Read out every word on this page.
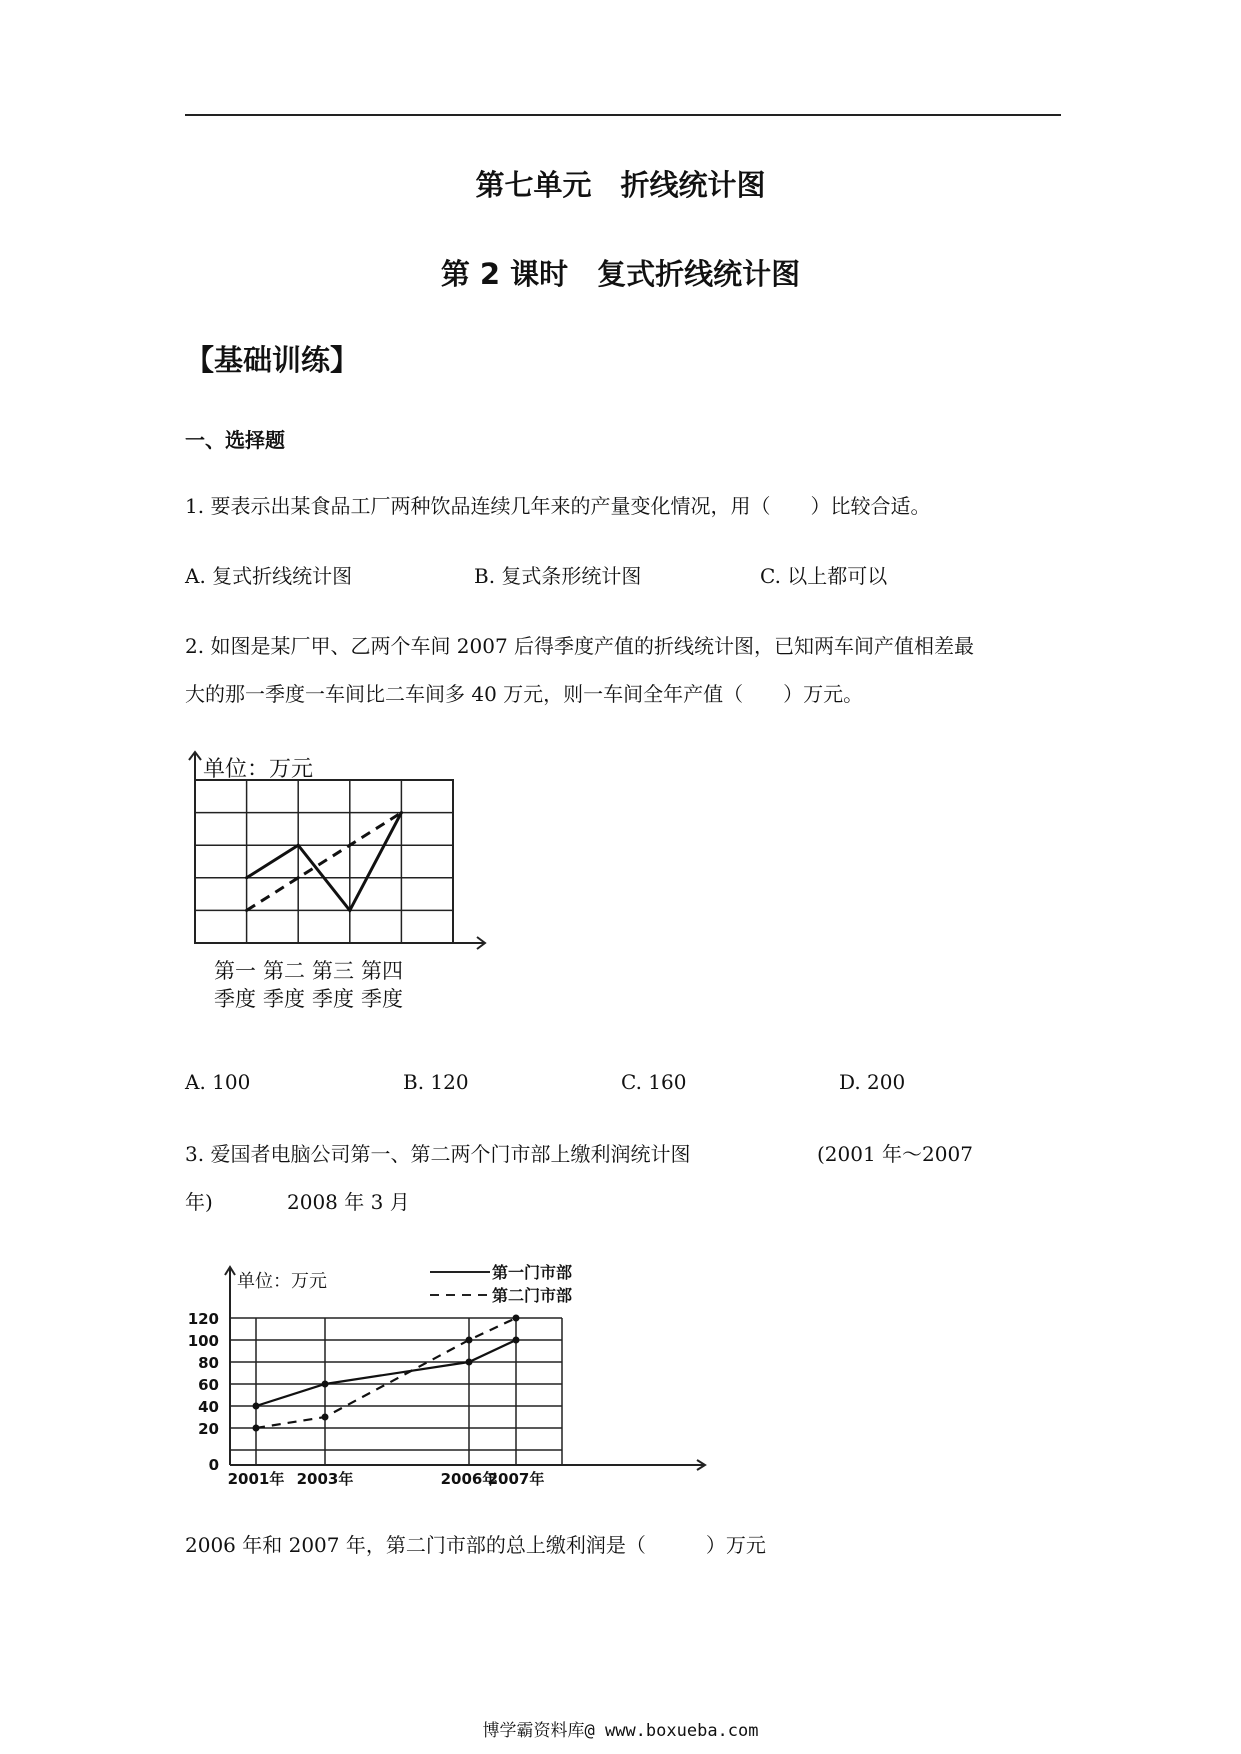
第七单元　折线统计图
第 2 课时　复式折线统计图
【基础训练】
一、选择题
1. 要表示出某食品工厂两种饮品连续几年来的产量变化情况，用（　　）比较合适。
A. 复式折线统计图	B. 复式条形统计图	C. 以上都可以
2. 如图是某厂甲、乙两个车间 2007 后得季度产值的折线统计图，已知两车间产值相差最
大的那一季度一车间比二车间多 40 万元，则一车间全年产值（　　）万元。
单位：万元
第一
季度
第二
季度
第三
季度
第四
季度
A. 100	B. 120	C. 160	D. 200
3. 爱国者电脑公司第一、第二两个门市部上缴利润统计图	(2001 年～2007
年)	2008 年 3 月
单位：万元	第一门市部
第二门市部
0
20
40
60
80
100
120
2001年 2003年	2006年
2007年
2006 年和 2007 年，第二门市部的总上缴利润是（　　　）万元
博学霸资料库@ www.boxueba.com
